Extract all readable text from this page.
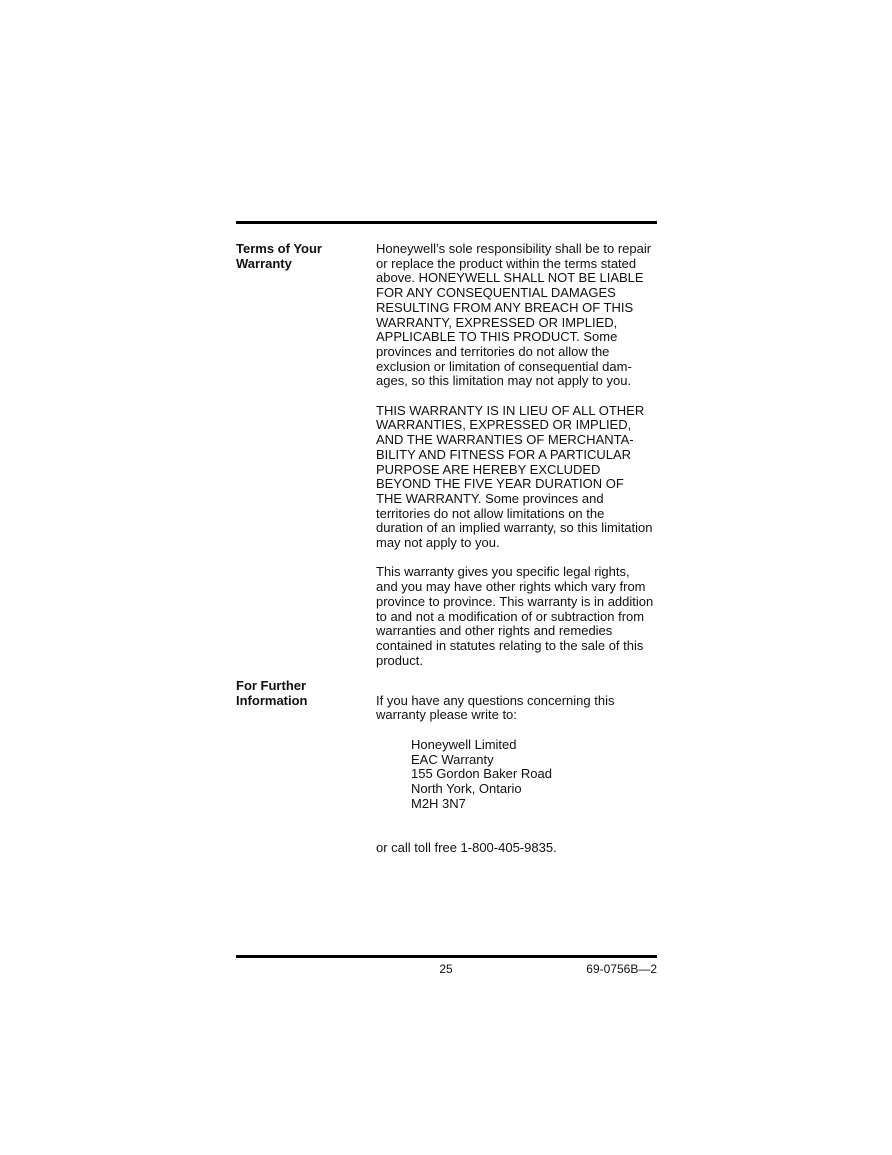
Terms of Your
Warranty

Honeywell’s sole responsibility shall be to repair
or replace the product within the terms stated
above. HONEYWELL SHALL NOT BE LIABLE
FOR ANY CONSEQUENTIAL DAMAGES
RESULTING FROM ANY BREACH OF THIS
WARRANTY, EXPRESSED OR IMPLIED,
APPLICABLE TO THIS PRODUCT. Some
provinces and territories do not allow the
exclusion or limitation of consequential dam-
ages, so this limitation may not apply to you.

THIS WARRANTY IS IN LIEU OF ALL OTHER
WARRANTIES, EXPRESSED OR IMPLIED,
AND THE WARRANTIES OF MERCHANTA-
BILITY AND FITNESS FOR A PARTICULAR
PURPOSE ARE HEREBY EXCLUDED
BEYOND THE FIVE YEAR DURATION OF
THE WARRANTY. Some provinces and
territories do not allow limitations on the
duration of an implied warranty, so this limitation
may not apply to you.

This warranty gives you specific legal rights,
and you may have other rights which vary from
province to province. This warranty is in addition
to and not a modification of or subtraction from
warranties and other rights and remedies
contained in statutes relating to the sale of this
product.

For Further
Information	If you have any questions concerning this
warranty please write to:

Honeywell Limited
EAC Warranty
155 Gordon Baker Road
North York, Ontario
M2H 3N7

or call toll free 1-800-405-9835.

25	69-0756B—2
